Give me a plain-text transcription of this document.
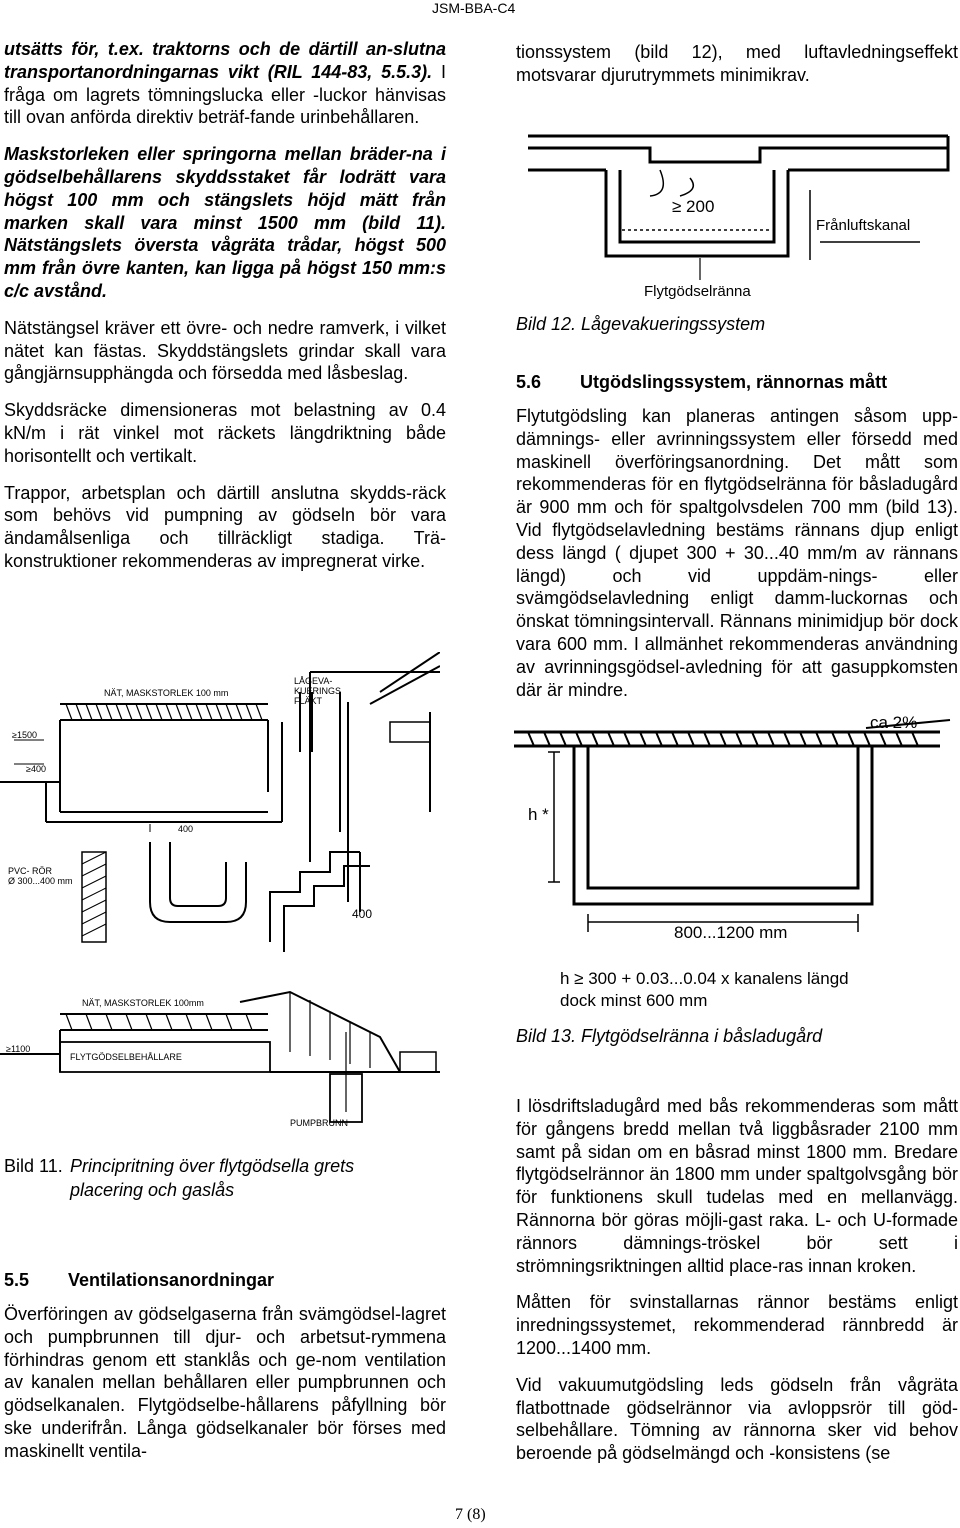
JSM-BBA-C4

utsätts för, t.ex. traktorns och de därtill an-slutna transportanordningarnas vikt (RIL 144-83, 5.5.3). I fråga om lagrets tömningslucka eller -luckor hänvisas till ovan anförda direktiv beträf-fande urinbehållaren.

Maskstorleken eller springorna mellan bräder-na i gödselbehållarens skyddsstaket får lodrätt vara högst 100 mm och stängslets höjd mätt från marken skall vara minst 1500 mm (bild 11). Nätstängslets översta vågräta trådar, högst 500 mm från övre kanten, kan ligga på högst 150 mm:s c/c avstånd.

Nätstängsel kräver ett övre- och nedre ramverk, i vilket nätet kan fästas. Skyddstängslets grindar skall vara gångjärnsupphängda och försedda med låsbeslag.

Skyddsräcke dimensioneras mot belastning av 0.4 kN/m i rät vinkel mot räckets längdriktning både horisontellt och vertikalt.

Trappor, arbetsplan och därtill anslutna skydds-räck som behövs vid pumpning av gödseln bör vara ändamålsenliga och tillräckligt stadiga. Trä-konstruktioner rekommenderas av impregnerat virke.

NÄT, MASKSTORLEK 100 mm
LÅGEVA-
KUERINGS
FLÄKT
≥1500
≥400
400
PVC- RÖR
Ø 300...400 mm
400
NÄT, MASKSTORLEK 100mm
≥1100
FLYTGÖDSELBEHÅLLARE
PUMPBRUNN
Bild 11. Principritning över flytgödsella grets
placering och gaslås
5.5 Ventilationsanordningar

Överföringen av gödselgaserna från svämgödsel-lagret och pumpbrunnen till djur- och arbetsut-rymmena förhindras genom ett stanklås och ge-nom ventilation av kanalen mellan behållaren eller pumpbrunnen och gödselkanalen. Flytgödselbe-hållarens påfyllning bör ske underifrån. Långa gödselkanaler bör förses med maskinellt ventila-

tionssystem (bild 12), med luftavledningseffekt motsvarar djurutrymmets minimikrav.

≥ 200
Frånluftskanal
Flytgödselränna
Bild 12. Lågevakueringssystem
5.6 Utgödslingssystem, rännornas mått

Flytutgödsling kan planeras antingen såsom upp-dämnings- eller avrinningssystem eller försedd med maskinell överföringsanordning. Det mått som rekommenderas för en flytgödselränna för båsladugård är 900 mm och för spaltgolvsdelen 700 mm (bild 13). Vid flytgödselavledning bestäms rännans djup enligt dess längd ( djupet 300 + 30...40 mm/m av rännans längd) och vid uppdäm-nings- eller svämgödselavledning enligt damm-luckornas och önskat tömningsintervall. Rännans minimidjup bör dock vara 600 mm. I allmänhet rekommenderas användning av avrinningsgödsel-avledning för att gasuppkomsten där är mindre.

ca 2%
h *
800...1200 mm
h ≥ 300 + 0.03...0.04 x kanalens längd
dock minst 600 mm
Bild 13. Flytgödselränna i båsladugård

I lösdriftsladugård med bås rekommenderas som mått för gångens bredd mellan två liggbåsrader 2100 mm samt på sidan om en båsrad minst 1800 mm. Bredare flytgödselrännor än 1800 mm under spaltgolvsgång bör för funktionens skull tudelas med en mellanvägg. Rännorna bör göras möjli-gast raka. L- och U-formade rännors dämnings-tröskel bör sett i strömningsriktningen alltid place-ras innan kroken.

Måtten för svinstallarnas rännor bestäms enligt inredningssystemet, rekommenderad rännbredd är 1200...1400 mm.

Vid vakuumutgödsling leds gödseln från vågräta flatbottnade gödselrännor via avloppsrör till göd-selbehållare. Tömning av rännorna sker vid behov beroende på gödselmängd och -konsistens (se

7 (8)
